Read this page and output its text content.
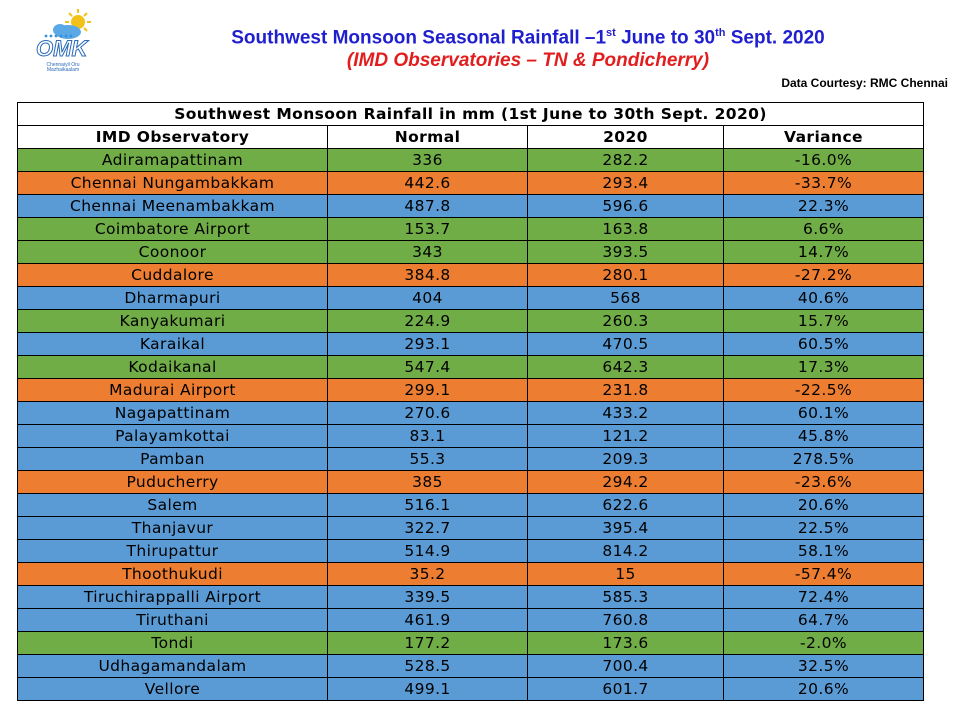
OMK
Chennaiyil Oru Mazhaikaalam
Southwest Monsoon Seasonal Rainfall –1st June to 30th Sept. 2020
(IMD Observatories – TN & Pondicherry)
Data Courtesy: RMC Chennai
Southwest Monsoon Rainfall in mm (1st June to 30th Sept. 2020)			
IMD Observatory	Normal	2020	Variance
Adiramapattinam	336	282.2	-16.0%
Chennai Nungambakkam	442.6	293.4	-33.7%
Chennai Meenambakkam	487.8	596.6	22.3%
Coimbatore Airport	153.7	163.8	6.6%
Coonoor	343	393.5	14.7%
Cuddalore	384.8	280.1	-27.2%
Dharmapuri	404	568	40.6%
Kanyakumari	224.9	260.3	15.7%
Karaikal	293.1	470.5	60.5%
Kodaikanal	547.4	642.3	17.3%
Madurai Airport	299.1	231.8	-22.5%
Nagapattinam	270.6	433.2	60.1%
Palayamkottai	83.1	121.2	45.8%
Pamban	55.3	209.3	278.5%
Puducherry	385	294.2	-23.6%
Salem	516.1	622.6	20.6%
Thanjavur	322.7	395.4	22.5%
Thirupattur	514.9	814.2	58.1%
Thoothukudi	35.2	15	-57.4%
Tiruchirappalli Airport	339.5	585.3	72.4%
Tiruthani	461.9	760.8	64.7%
Tondi	177.2	173.6	-2.0%
Udhagamandalam	528.5	700.4	32.5%
Vellore	499.1	601.7	20.6%
